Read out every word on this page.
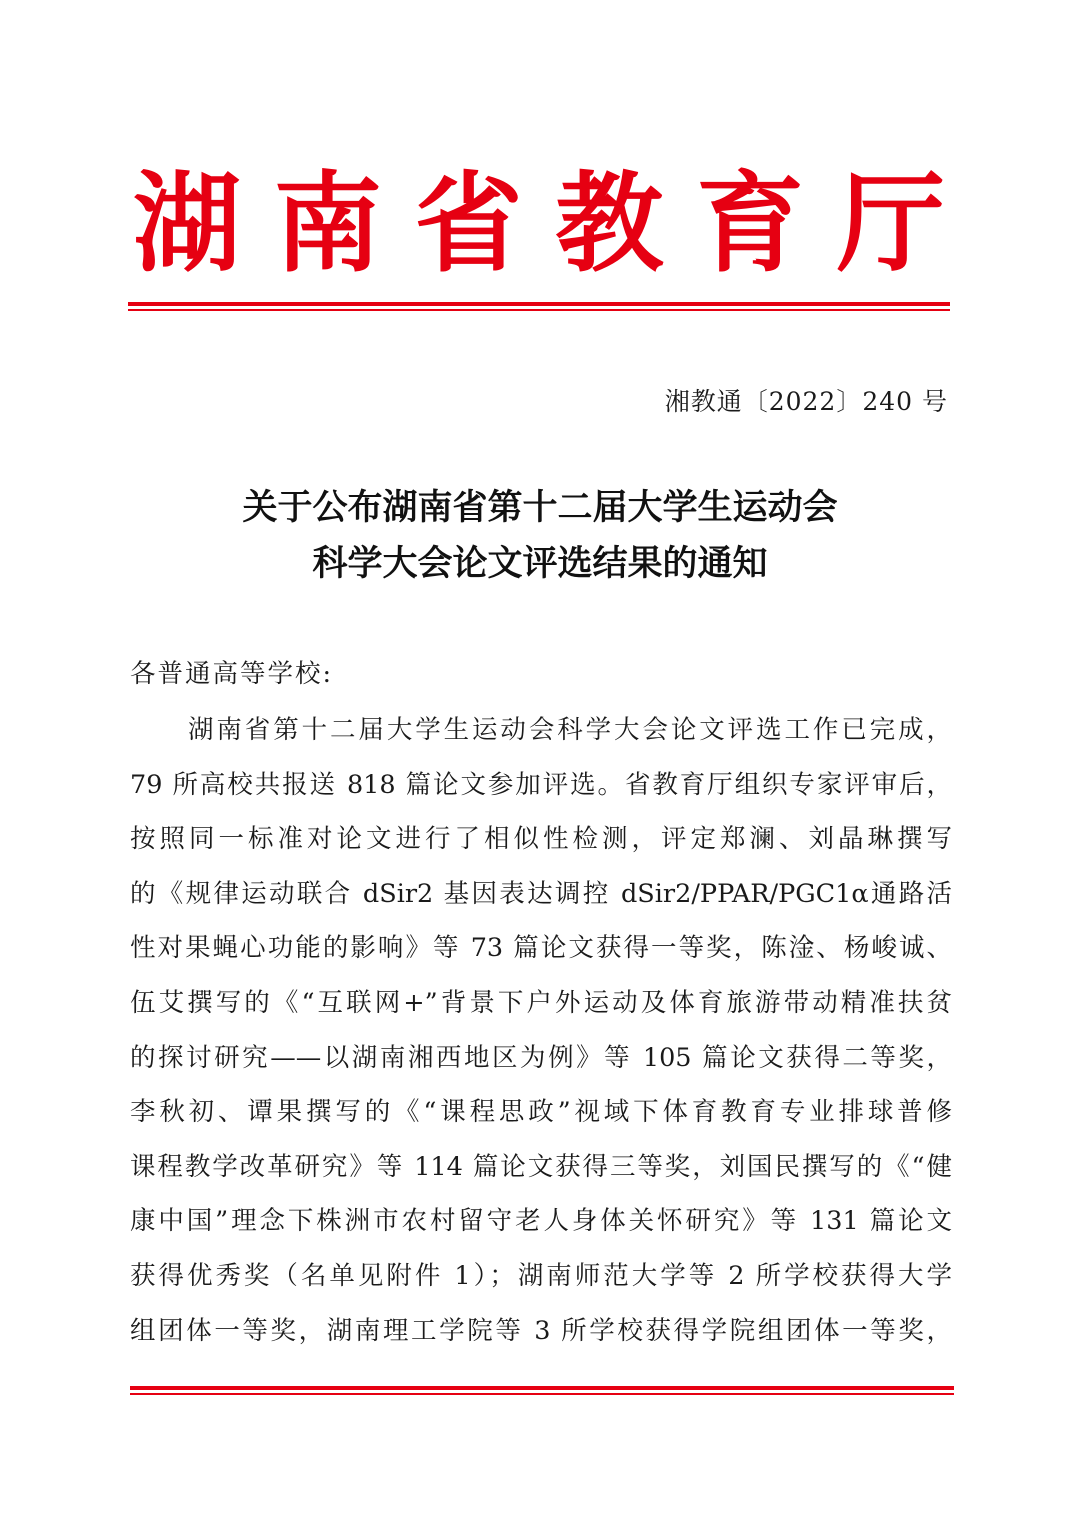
湖 南 省 教 育 厅
湘教通〔2022〕240 号
关于公布湖南省第十二届大学生运动会
科学大会论文评选结果的通知
各普通高等学校:
湖南省第十二届大学生运动会科学大会论文评选工作已完成，
79 所高校共报送 818 篇论文参加评选。省教育厅组织专家评审后，
按照同一标准对论文进行了相似性检测，评定郑澜、刘晶琳撰写
的《规律运动联合 dSir2 基因表达调控 dSir2/PPAR/PGC1α通路活
性对果蝇心功能的影响》等 73 篇论文获得一等奖，陈淦、杨峻诚、
伍艾撰写的《“互联网+”背景下户外运动及体育旅游带动精准扶贫
的探讨研究——以湖南湘西地区为例》等 105 篇论文获得二等奖，
李秋初、谭果撰写的《“课程思政”视域下体育教育专业排球普修
课程教学改革研究》等 114 篇论文获得三等奖，刘国民撰写的《“健
康中国”理念下株洲市农村留守老人身体关怀研究》等 131 篇论文
获得优秀奖（名单见附件 1）；湖南师范大学等 2 所学校获得大学
组团体一等奖，湖南理工学院等 3 所学校获得学院组团体一等奖，
